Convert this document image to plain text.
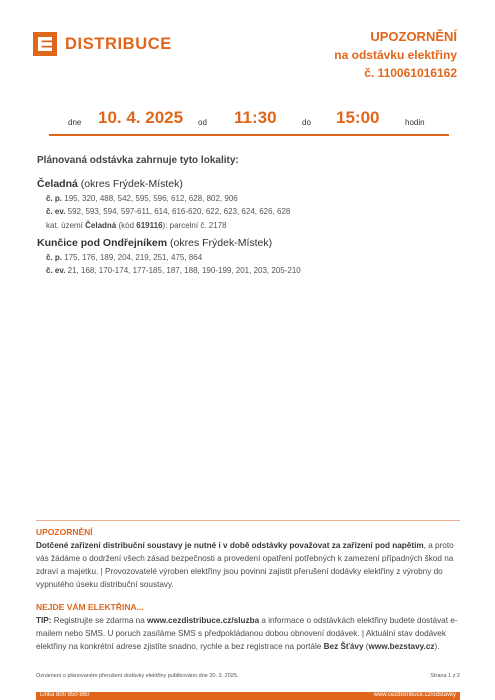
DISTRIBUCE	UPOZORNĚNÍ
na odstávku elektřiny
č. 110061016162
dne 10. 4. 2025 od 11:30	do 15:00	hodin
Plánovaná odstávka zahrnuje tyto lokality:
Čeladná (okres Frýdek-Místek)
č. p. 195, 320, 488, 542, 595, 596, 612, 628, 802, 906
č. ev. 592, 593, 594, 597-611, 614, 616-620, 622, 623, 624, 626, 628
kat. území Čeladná (kód 619116): parcelní č. 2178
Kunčice pod Ondřejníkem (okres Frýdek-Místek)
č. p. 175, 176, 189, 204, 219, 251, 475, 864
č. ev. 21, 168, 170-174, 177-185, 187, 188, 190-199, 201, 203, 205-210
UPOZORNĚNÍ
Dotčené zařízení distribuční soustavy je nutné i v době odstávky považovat za zařízení pod napětím, a proto vás žádáme o dodržení všech zásad bezpečnosti a provedení opatření potřebných k zamezení případných škod na zdraví a majetku. | Provozovatelé výroben elektřiny jsou povinni zajistit přerušení dodávky elektřiny z výrobny do vypnutého úseku distribuční soustavy.
NEJDE VÁM ELEKTŘINA...
TIP: Registrujte se zdarma na www.cezdistribuce.cz/sluzba a informace o odstávkách elektřiny budete dostávat e-mailem nebo SMS. U poruch zasíláme SMS s předpokládanou dobou obnovení dodávek. | Aktuální stav dodávek elektřiny na konkrétní adrese zjistíte snadno, rychle a bez registrace na portále Bez Šťávy (www.bezstavy.cz).
Oznámení o plánovaném přerušení dodávky elektřiny publikováno dne 20. 3. 2025.	Strana 1 z 2
Linka 800 850 860	www.cezdistribuce.cz/odstavky
